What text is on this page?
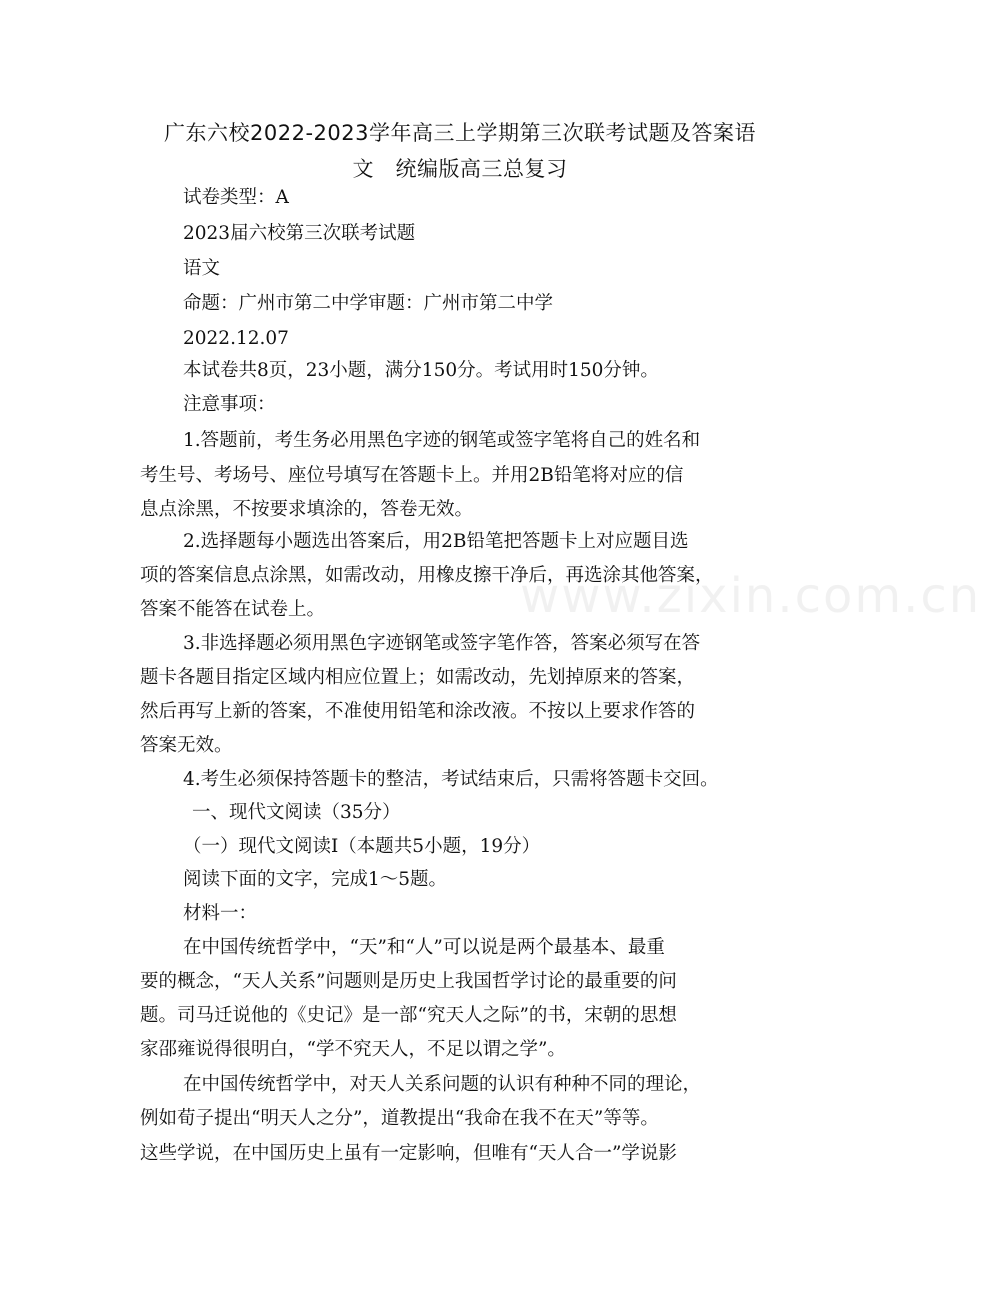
广东六校2022-2023学年高三上学期第三次联考试题及答案语
文　统编版高三总复习
试卷类型：A
2023届六校第三次联考试题
语文
命题：广州市第二中学审题：广州市第二中学
2022.12.07
本试卷共8页，23小题，满分150分。考试用时150分钟。
注意事项：
1.答题前，考生务必用黑色字迹的钢笔或签字笔将自己的姓名和
考生号、考场号、座位号填写在答题卡上。并用2B铅笔将对应的信
息点涂黑，不按要求填涂的，答卷无效。
2.选择题每小题选出答案后，用2B铅笔把答题卡上对应题目选
项的答案信息点涂黑，如需改动，用橡皮擦干净后，再选涂其他答案，
答案不能答在试卷上。
3.非选择题必须用黑色字迹钢笔或签字笔作答，答案必须写在答
题卡各题目指定区域内相应位置上；如需改动，先划掉原来的答案，
然后再写上新的答案，不准使用铅笔和涂改液。不按以上要求作答的
答案无效。
4.考生必须保持答题卡的整洁，考试结束后，只需将答题卡交回。
一、现代文阅读（35分）
（一）现代文阅读Ⅰ（本题共5小题，19分）
阅读下面的文字，完成1～5题。
材料一：
在中国传统哲学中，“天”和“人”可以说是两个最基本、最重
要的概念，“天人关系”问题则是历史上我国哲学讨论的最重要的问
题。司马迁说他的《史记》是一部“究天人之际”的书，宋朝的思想
家邵雍说得很明白，“学不究天人，不足以谓之学”。
在中国传统哲学中，对天人关系问题的认识有种种不同的理论，
例如荀子提出“明天人之分”，道教提出“我命在我不在天”等等。
这些学说，在中国历史上虽有一定影响，但唯有“天人合一”学说影
www.zixin.com.cn
